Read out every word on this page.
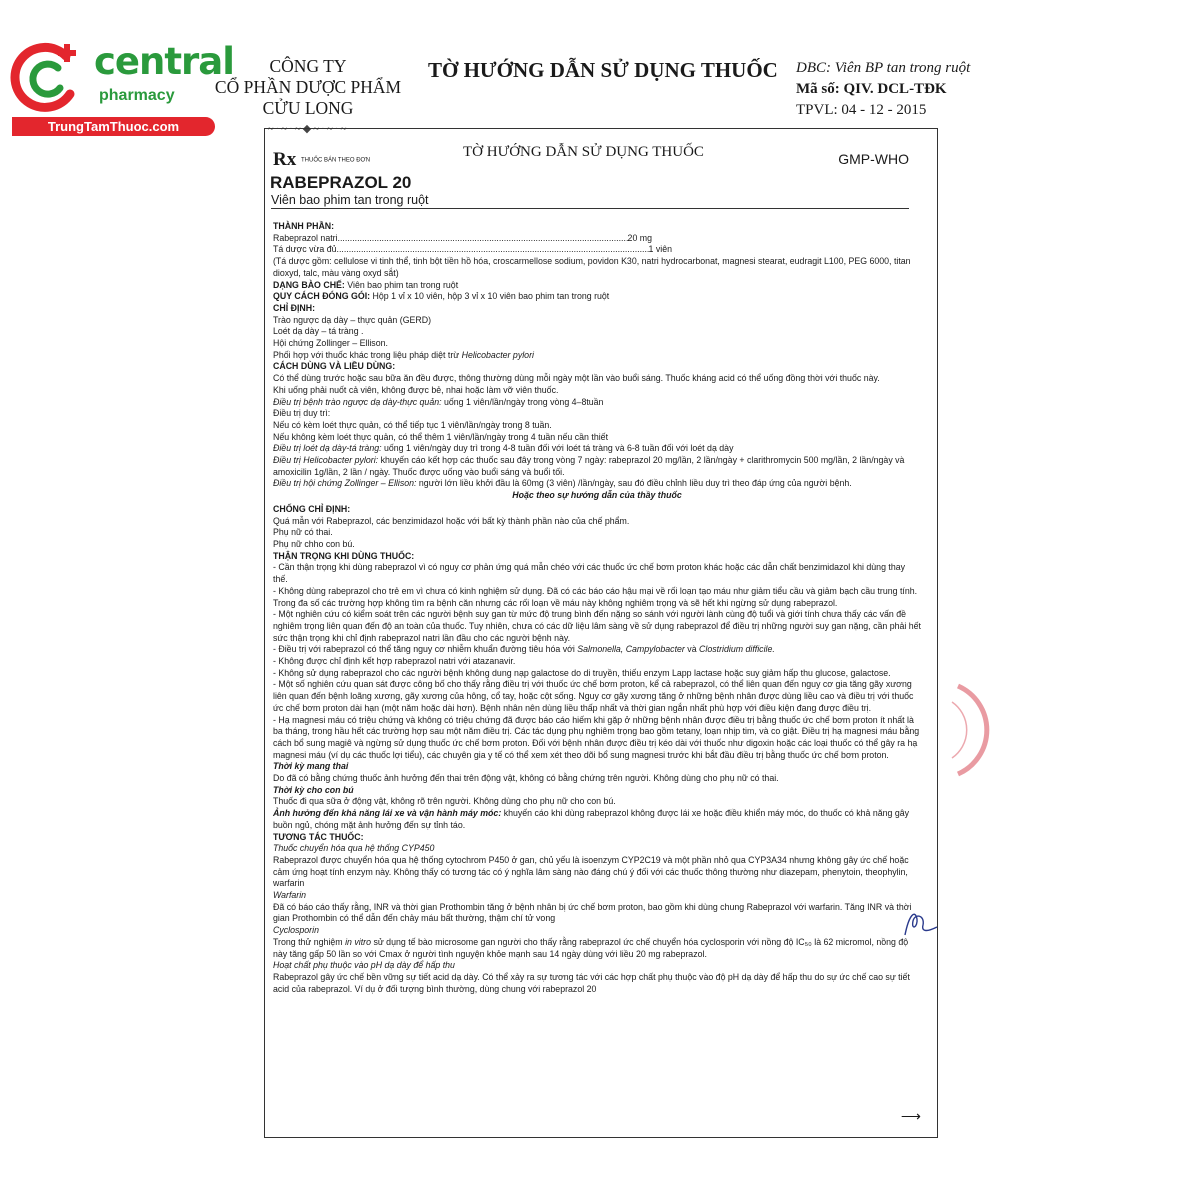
central
pharmacy
TrungTamThuoc.com
CÔNG TY
CỔ PHẦN DƯỢC PHẨM
CỬU LONG
~·~·~◆~·~·~
TỜ HƯỚNG DẪN SỬ DỤNG THUỐC DBC: Viên BP tan trong ruột
Mã số: QIV. DCL-TĐK
TPVL: 04 - 12 - 2015
Rx THUỐC BÁN THEO ĐƠN
TỜ HƯỚNG DẪN SỬ DỤNG THUỐC	GMP-WHO
RABEPRAZOL 20
Viên bao phim tan trong ruột

THÀNH PHẦN:

Rabeprazol natri .....	20 mg
Tá dược vừa đủ .....	1 viên

(Tá dược gồm: cellulose vi tinh thể, tinh bột tiền hồ hóa, croscarmellose sodium, povidon K30, natri hydrocarbonat, magnesi stearat, eudragit L100, PEG 6000, titan dioxyd, talc, màu vàng oxyd sắt)

DẠNG BÀO CHẾ: Viên bao phim tan trong ruột

QUY CÁCH ĐÓNG GÓI: Hộp 1 vỉ x 10 viên, hộp 3 vỉ x 10 viên bao phim tan trong ruột

CHỈ ĐỊNH:

Trào ngược dạ dày – thực quản (GERD)

Loét dạ dày – tá tràng .

Hội chứng Zollinger – Ellison.

Phối hợp với thuốc khác trong liệu pháp diệt trừ Helicobacter pylori

CÁCH DÙNG VÀ LIỀU DÙNG:

Có thể dùng trước hoặc sau bữa ăn đều được, thông thường dùng mỗi ngày một lần vào buổi sáng. Thuốc kháng acid có thể uống đồng thời với thuốc này.

Khi uống phải nuốt cả viên, không được bẻ, nhai hoặc làm vỡ viên thuốc.

Điều trị bệnh trào ngược dạ dày-thực quản: uống 1 viên/lần/ngày trong vòng 4–8tuần

Điều trị duy trì:

Nếu có kèm loét thực quản, có thể tiếp tục 1 viên/lần/ngày trong 8 tuần.

Nếu không kèm loét thực quản, có thể thêm 1 viên/lần/ngày trong 4 tuần nếu cần thiết

Điều trị loét dạ dày-tá tràng: uống 1 viên/ngày duy trì trong 4-8 tuần đối với loét tá tràng và 6-8 tuần đối với loét dạ dày

Điều trị Helicobacter pylori: khuyến cáo kết hợp các thuốc sau đây trong vòng 7 ngày: rabeprazol 20 mg/lần, 2 lần/ngày + clarithromycin 500 mg/lần, 2 lần/ngày và amoxicilin 1g/lần, 2 lần / ngày. Thuốc được uống vào buổi sáng và buổi tối.

Điều trị hội chứng Zollinger – Ellison: người lớn liều khởi đầu là 60mg (3 viên) /lần/ngày, sau đó điều chỉnh liều duy trì theo đáp ứng của người bệnh.

Hoặc theo sự hướng dẫn của thầy thuốc

CHỐNG CHỈ ĐỊNH:

Quá mẫn với Rabeprazol, các benzimidazol hoặc với bất kỳ thành phần nào của chế phẩm.

Phụ nữ có thai.

Phụ nữ chho con bú.

THẬN TRỌNG KHI DÙNG THUỐC:

- Cần thận trọng khi dùng rabeprazol vì có nguy cơ phản ứng quá mẫn chéo với các thuốc ức chế bơm proton khác hoặc các dẫn chất benzimidazol khi dùng thay thế.

- Không dùng rabeprazol cho trẻ em vì chưa có kinh nghiệm sử dụng. Đã có các báo cáo hậu mại về rối loạn tạo máu như giảm tiểu cầu và giảm bạch cầu trung tính. Trong đa số các trường hợp không tìm ra bệnh căn nhưng các rối loạn về máu này không nghiêm trọng và sẽ hết khi ngừng sử dụng rabeprazol.

- Một nghiên cứu có kiểm soát trên các người bệnh suy gan từ mức độ trung bình đến nặng so sánh với người lành cùng độ tuổi và giới tính chưa thấy các vấn đề nghiêm trọng liên quan đến độ an toàn của thuốc. Tuy nhiên, chưa có các dữ liệu lâm sàng về sử dụng rabeprazol để điều trị những người suy gan nặng, cần phải hết sức thận trọng khi chỉ định rabeprazol natri lần đầu cho các người bệnh này.

- Điều trị với rabeprazol có thể tăng nguy cơ nhiễm khuẩn đường tiêu hóa với Salmonella, Campylobacter và Clostridium difficile.

- Không được chỉ định kết hợp rabeprazol natri với atazanavir.

- Không sử dụng rabeprazol cho các người bệnh không dung nạp galactose do di truyền, thiếu enzym Lapp lactase hoặc suy giảm hấp thu glucose, galactose.

- Một số nghiên cứu quan sát được công bố cho thấy rằng điều trị với thuốc ức chế bơm proton, kể cả rabeprazol, có thể liên quan đến nguy cơ gia tăng gãy xương liên quan đến bệnh loãng xương, gãy xương của hông, cổ tay, hoặc cột sống. Nguy cơ gãy xương tăng ở những bệnh nhân được dùng liều cao và điều trị với thuốc ức chế bơm proton dài hạn (một năm hoặc dài hơn). Bệnh nhân nên dùng liều thấp nhất và thời gian ngắn nhất phù hợp với điều kiện đang được điều trị.

- Hạ magnesi máu có triệu chứng và không có triệu chứng đã được báo cáo hiếm khi gặp ở những bệnh nhân được điều trị bằng thuốc ức chế bơm proton ít nhất là ba tháng, trong hầu hết các trường hợp sau một năm điều trị. Các tác dụng phụ nghiêm trọng bao gồm tetany, loạn nhịp tim, và co giật. Điều trị hạ magnesi máu bằng cách bổ sung magiê và ngừng sử dụng thuốc ức chế bơm proton. Đối với bệnh nhân được điều trị kéo dài với thuốc như digoxin hoặc các loại thuốc có thể gây ra hạ magnesi máu (ví dụ các thuốc lợi tiểu), các chuyên gia y tế có thể xem xét theo dõi bổ sung magnesi trước khi bắt đầu điều trị bằng thuốc ức chế bơm proton.

Thời kỳ mang thai

Do đã có bằng chứng thuốc ảnh hưởng đến thai trên động vật, không có bằng chứng trên người. Không dùng cho phụ nữ có thai.

Thời kỳ cho con bú

Thuốc đi qua sữa ở động vật, không rõ trên người. Không dùng cho phụ nữ cho con bú.

Ảnh hưởng đến khả năng lái xe và vận hành máy móc: khuyến cáo khi dùng rabeprazol không được lái xe hoặc điều khiển máy móc, do thuốc có khả năng gây buồn ngủ, chóng mặt ảnh hưởng đến sự tỉnh táo.

TƯƠNG TÁC THUỐC:

Thuốc chuyển hóa qua hệ thống CYP450

Rabeprazol được chuyển hóa qua hệ thống cytochrom P450 ở gan, chủ yếu là isoenzym CYP2C19 và một phần nhỏ qua CYP3A34 nhưng không gây ức chế hoặc cảm ứng hoạt tính enzym này. Không thấy có tương tác có ý nghĩa lâm sàng nào đáng chú ý đối với các thuốc thông thường như diazepam, phenytoin, theophylin, warfarin

Warfarin

Đã có báo cáo thấy rằng, INR và thời gian Prothombin tăng ở bệnh nhân bị ức chế bơm proton, bao gồm khi dùng chung Rabeprazol với warfarin. Tăng INR và thời gian Prothombin có thể dẫn đến chảy máu bất thường, thậm chí tử vong

Cyclosporin

Trong thử nghiệm in vitro sử dụng tế bào microsome gan người cho thấy rằng rabeprazol ức chế chuyển hóa cyclosporin với nồng độ IC₅₀ là 62 micromol, nồng độ này tăng gấp 50 lần so với Cmax ở người tình nguyện khỏe mạnh sau 14 ngày dùng với liều 20 mg rabeprazol.

Hoạt chất phụ thuộc vào pH dạ dày để hấp thu

Rabeprazol gây ức chế bền vững sự tiết acid dạ dày. Có thể xảy ra sự tương tác với các hợp chất phụ thuộc vào độ pH dạ dày để hấp thu do sự ức chế cao sự tiết acid của rabeprazol. Ví dụ ở đối tượng bình thường, dùng chung với rabeprazol 20

⟶
